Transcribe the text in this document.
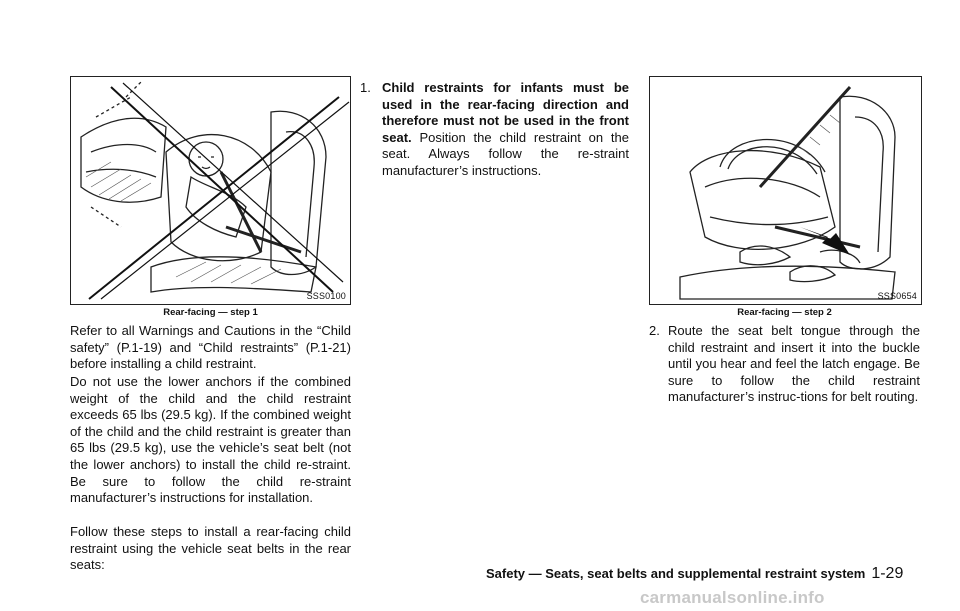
SSS0100
Rear-facing — step 1

Refer to all Warnings and Cautions in the “Child safety” (P.1-19) and “Child restraints” (P.1-21) before installing a child restraint.

Do not use the lower anchors if the combined weight of the child and the child restraint exceeds 65 lbs (29.5 kg). If the combined weight of the child and the child restraint is greater than 65 lbs (29.5 kg), use the vehicle’s seat belt (not the lower anchors) to install the child re-straint. Be sure to follow the child re-straint manufacturer’s instructions for installation.

Follow these steps to install a rear-facing child restraint using the vehicle seat belts in the rear seats:

1. Child restraints for infants must be used in the rear-facing direction and therefore must not be used in the front seat. Position the child restraint on the seat. Always follow the re-straint manufacturer’s instructions.

SSS0654
Rear-facing — step 2
2. Route the seat belt tongue through the child restraint and insert it into the buckle until you hear and feel the latch engage. Be sure to follow the child restraint manufacturer’s instruc-tions for belt routing.

Safety — Seats, seat belts and supplemental restraint system 1-29
carmanualsonline.info
